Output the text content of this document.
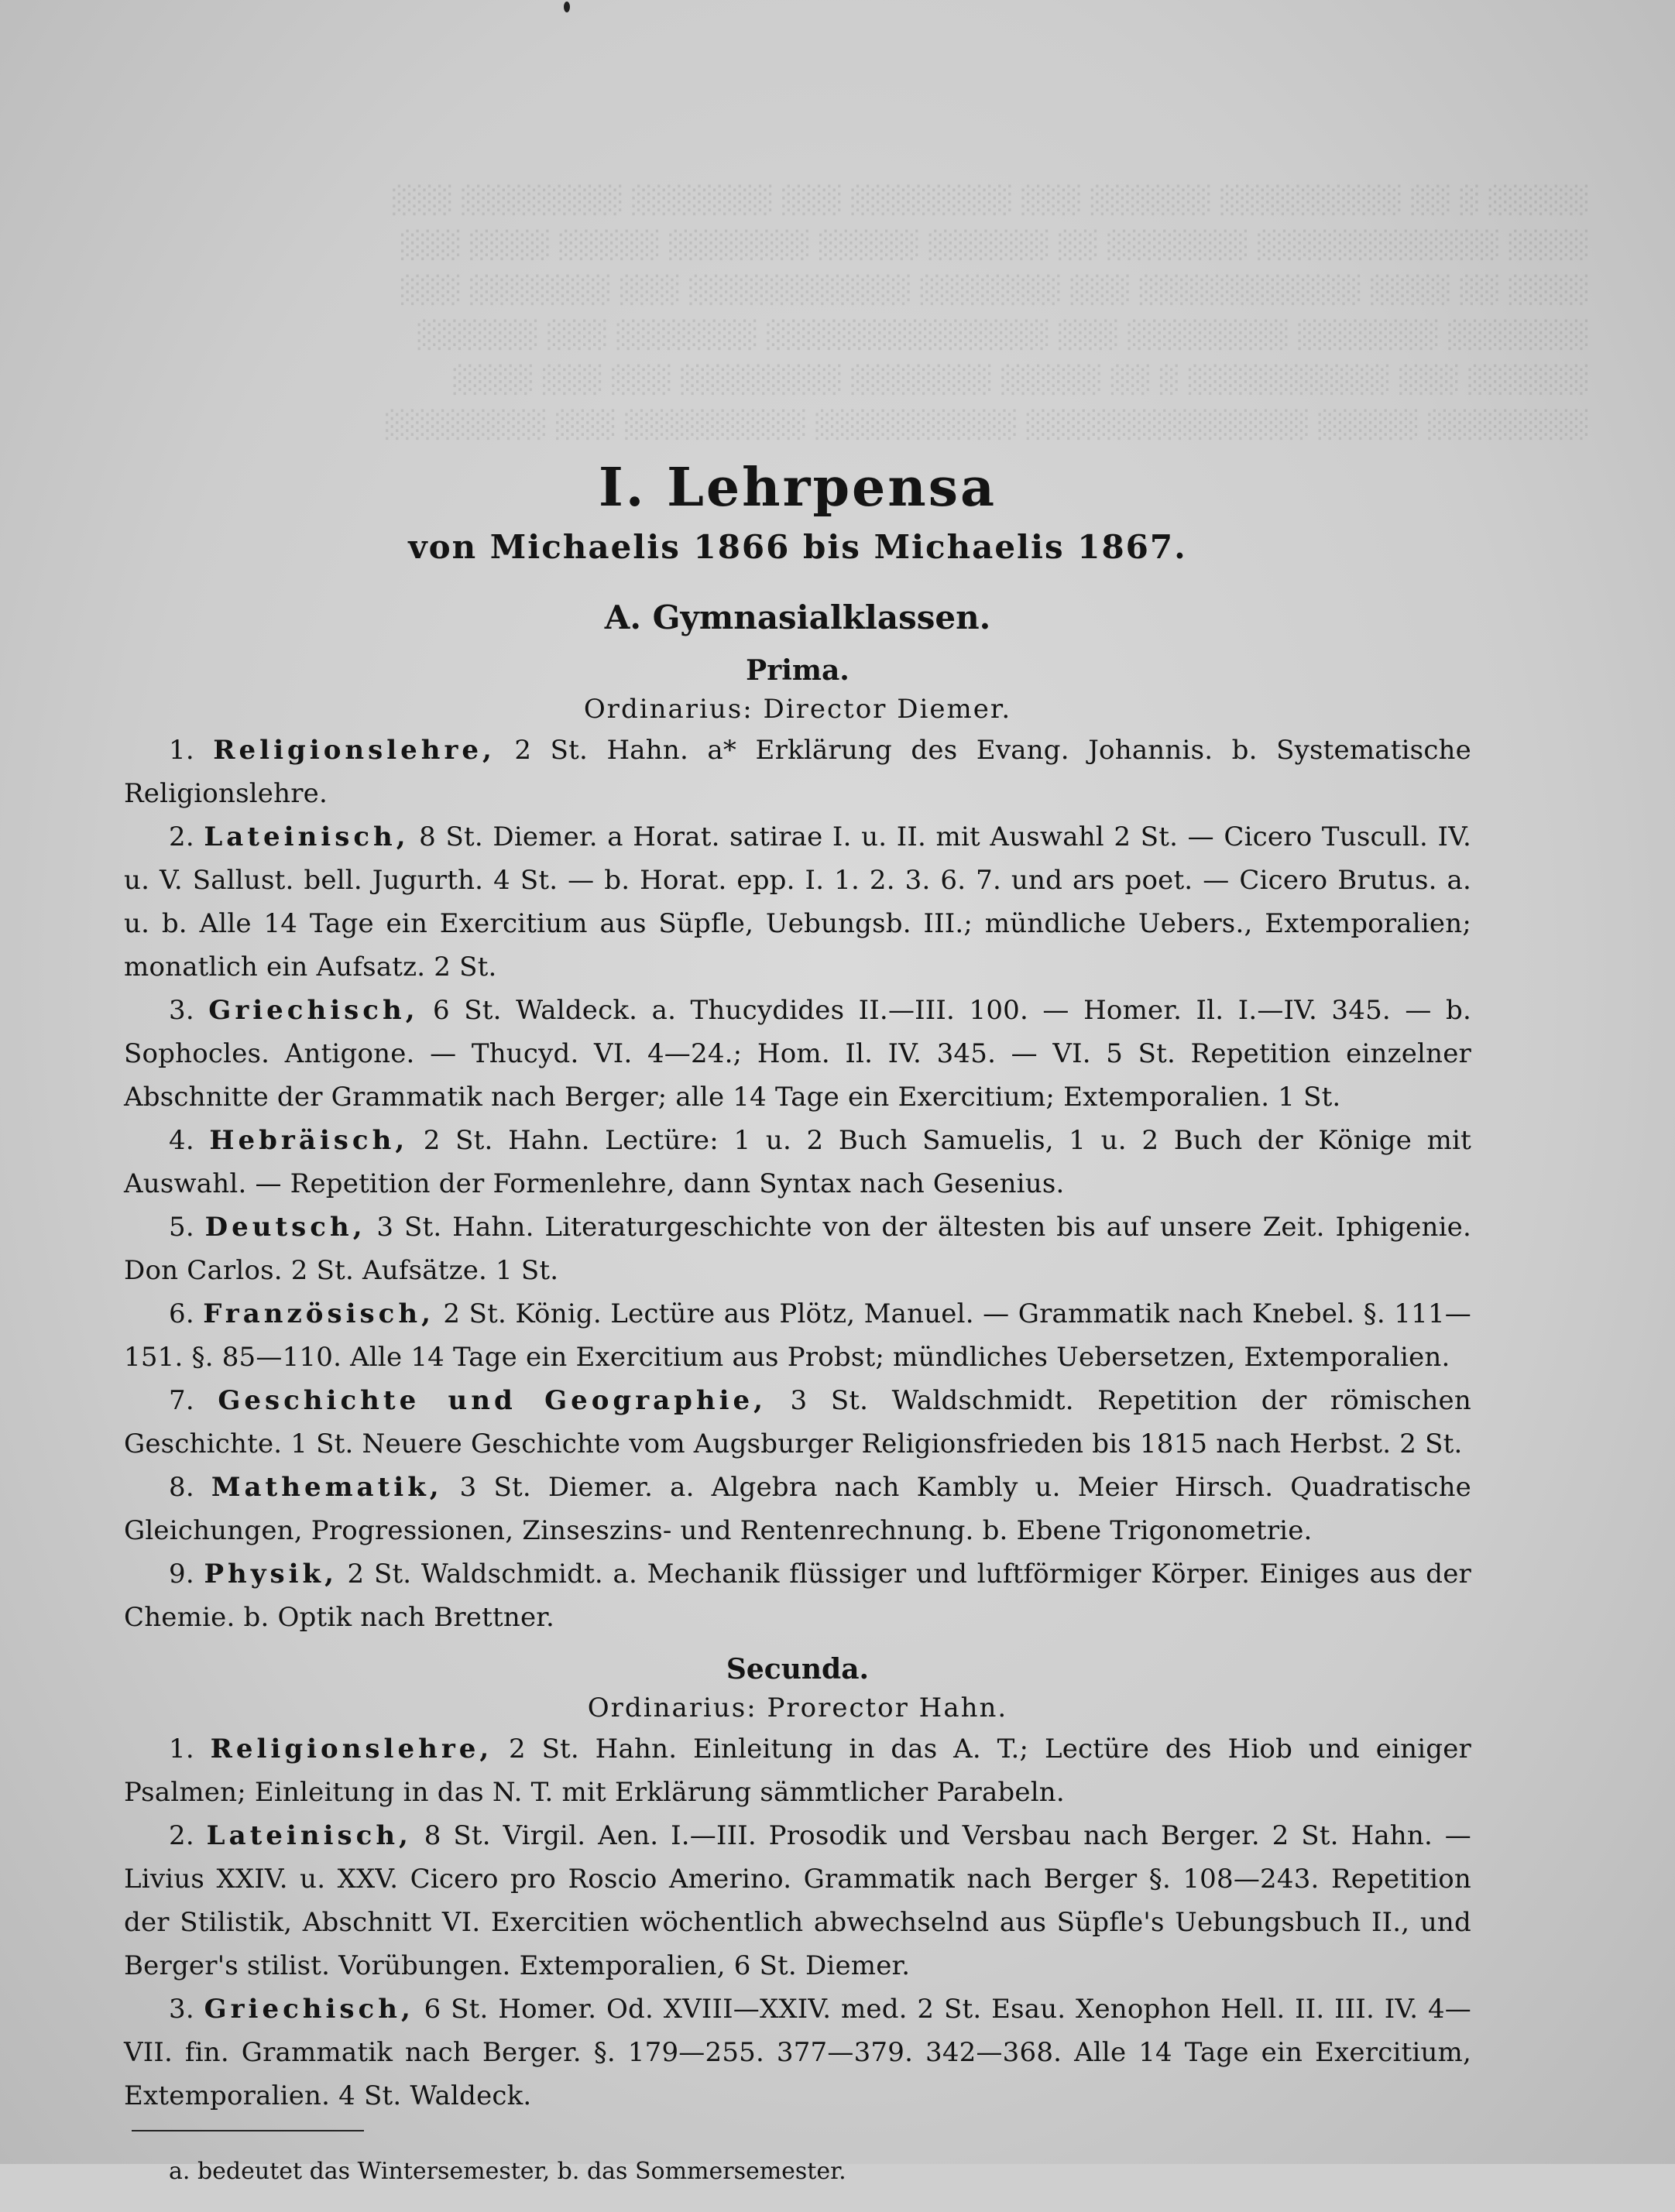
░░░░░ ░ ░░ ░░░░░░░░░ ░░░░░░ ░░░ ░░░░░░░░ ░░░ ░░░░░░░ ░░░░░░░░ ░░░
░░░░ ░░░░░░░░░░░░ ░░░░░░░ ░░ ░░░░░░ ░░░░░ ░░░░░░░ ░░░░░ ░░░░ ░░░
░░░░ ░░ ░░░░ ░░░░░░░░░░░ ░░░ ░░░░░░░ ░░░░░░░░░░░ ░░░ ░░░░░░░ ░░░
░░░░░░░ ░░░░░░░ ░░░░░░░░ ░░░ ░░░░░░░░░░░░░░ ░░░░░░░ ░░░ ░░░░░░
░░░░░░ ░░░ ░░░░░░░░░░ ░ ░░ ░░░░░ ░░░░░░░ ░░░░░░░░ ░░░ ░░░ ░░░░
░░░░░░░░ ░░░░░ ░░░░░░░░░░░░░░ ░░░░░░░░░░ ░░░░░░░░░ ░░░ ░░░░░░░░

I. Lehrpensa

von Michaelis 1866 bis Michaelis 1867.

A. Gymnasialklassen.

Prima.

Ordinarius: Director Diemer.

1. Religionslehre, 2 St. Hahn. a* Erklärung des Evang. Johannis. b. Systematische Religionslehre.

2. Lateinisch, 8 St. Diemer. a Horat. satirae I. u. II. mit Auswahl 2 St. — Cicero Tuscull. IV. u. V. Sallust. bell. Jugurth. 4 St. — b. Horat. epp. I. 1. 2. 3. 6. 7. und ars poet. — Cicero Brutus. a. u. b. Alle 14 Tage ein Exercitium aus Süpfle, Uebungsb. III.; mündliche Uebers., Extemporalien; monatlich ein Aufsatz. 2 St.

3. Griechisch, 6 St. Waldeck. a. Thucydides II.—III. 100. — Homer. Il. I.—IV. 345. — b. Sophocles. Antigone. — Thucyd. VI. 4—24.; Hom. Il. IV. 345. — VI. 5 St. Repetition einzelner Abschnitte der Grammatik nach Berger; alle 14 Tage ein Exercitium; Extemporalien. 1 St.

4. Hebräisch, 2 St. Hahn. Lectüre: 1 u. 2 Buch Samuelis, 1 u. 2 Buch der Könige mit Auswahl. — Repetition der Formenlehre, dann Syntax nach Gesenius.

5. Deutsch, 3 St. Hahn. Literaturgeschichte von der ältesten bis auf unsere Zeit. Iphigenie. Don Carlos. 2 St. Aufsätze. 1 St.

6. Französisch, 2 St. König. Lectüre aus Plötz, Manuel. — Grammatik nach Knebel. §. 111—151. §. 85—110. Alle 14 Tage ein Exercitium aus Probst; mündliches Uebersetzen, Extemporalien.

7. Geschichte und Geographie, 3 St. Waldschmidt. Repetition der römischen Geschichte. 1 St. Neuere Geschichte vom Augsburger Religionsfrieden bis 1815 nach Herbst. 2 St.

8. Mathematik, 3 St. Diemer. a. Algebra nach Kambly u. Meier Hirsch. Quadratische Gleichungen, Progressionen, Zinseszins- und Rentenrechnung. b. Ebene Trigonometrie.

9. Physik, 2 St. Waldschmidt. a. Mechanik flüssiger und luftförmiger Körper. Einiges aus der Chemie. b. Optik nach Brettner.

Secunda.

Ordinarius: Prorector Hahn.

1. Religionslehre, 2 St. Hahn. Einleitung in das A. T.; Lectüre des Hiob und einiger Psalmen; Einleitung in das N. T. mit Erklärung sämmtlicher Parabeln.

2. Lateinisch, 8 St. Virgil. Aen. I.—III. Prosodik und Versbau nach Berger. 2 St. Hahn. — Livius XXIV. u. XXV. Cicero pro Roscio Amerino. Grammatik nach Berger §. 108—243. Repetition der Stilistik, Abschnitt VI. Exercitien wöchentlich abwechselnd aus Süpfle's Uebungsbuch II., und Berger's stilist. Vorübungen. Extemporalien, 6 St. Diemer.

3. Griechisch, 6 St. Homer. Od. XVIII—XXIV. med. 2 St. Esau. Xenophon Hell. II. III. IV. 4—VII. fin. Grammatik nach Berger. §. 179—255. 377—379. 342—368. Alle 14 Tage ein Exercitium, Extemporalien. 4 St. Waldeck.

a. bedeutet das Wintersemester, b. das Sommersemester.
